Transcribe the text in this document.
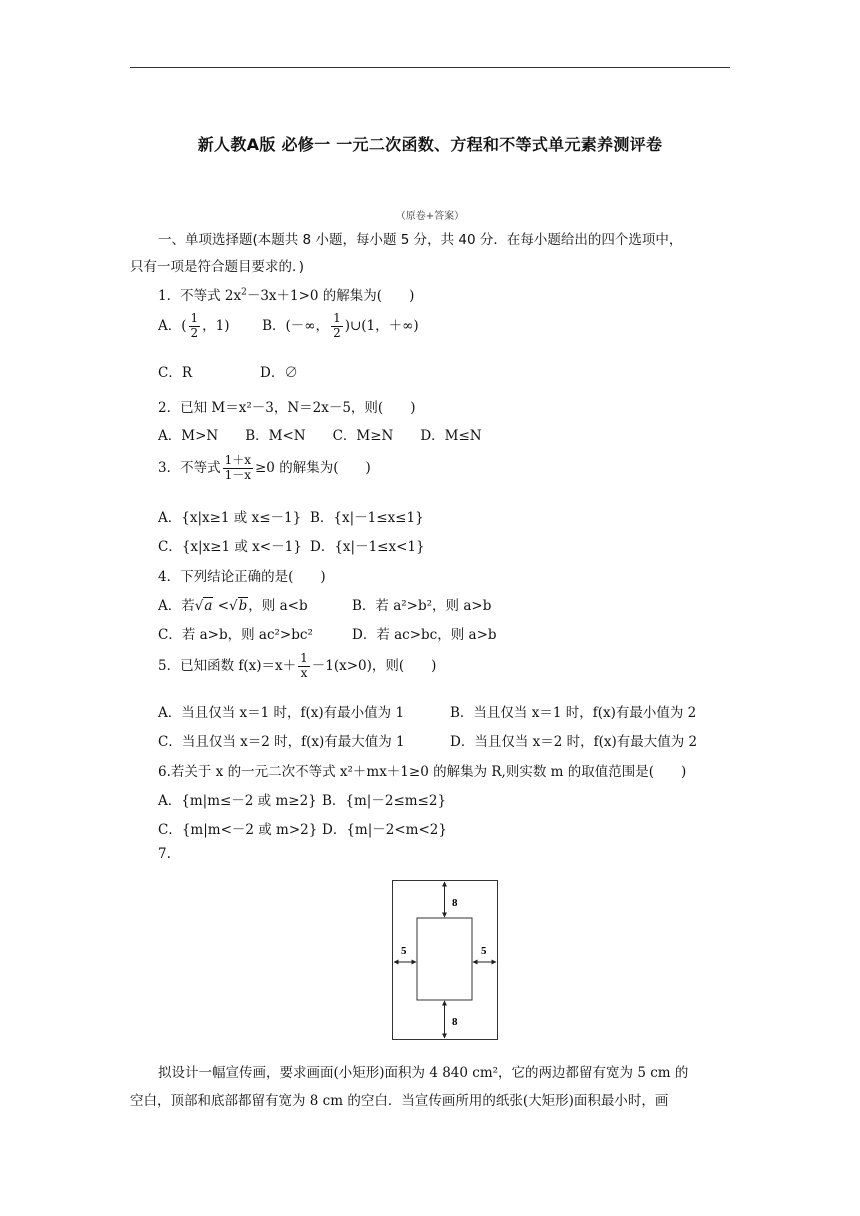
新人教A版 必修一 一元二次函数、方程和不等式单元素养测评卷
（原卷+答案）
一、单项选择题(本题共 8 小题，每小题 5 分，共 40 分．在每小题给出的四个选项中，
只有一项是符合题目要求的．)
1．不等式 $2x^2-3x+1>0$ 的解集为(　　)
A．( $\frac{1}{2}$ ，1) B．(－∞， $\frac{1}{2}$ )∪(1，＋∞)
C．R	D．∅
2．已知 M＝x²－3，N＝2x－5，则(　　)
A．M>N　　B．M<N　　C．M≥N　　D．M≤N
3．不等式 $\frac{1+x}{1-x} \ge 0$ 的解集为(　　)
A．{x|x≥1 或 x≤－1} B．{x|－1≤x≤1}
C．{x|x≥1 或 x<－1} D．{x|－1≤x<1}
4．下列结论正确的是(　　)
A．若√a <√b，则 a<b	B．若 a²>b²，则 a>b
C．若 a>b，则 ac²>bc²	D．若 ac>bc，则 a>b
5．已知函数 $f(x)=x+ \frac{1}{x} -1(x>0)$，则(　　)
A．当且仅当 x＝1 时，f(x)有最小值为 1	B．当且仅当 x＝1 时，f(x)有最小值为 2
C．当且仅当 x＝2 时，f(x)有最大值为 1	D．当且仅当 x＝2 时，f(x)有最大值为 2
6.若关于 x 的一元二次不等式 x²＋mx＋1≥0 的解集为 R,则实数 m 的取值范围是(　　)
A．{m|m≤－2 或 m≥2} B．{m|－2≤m≤2}
C．{m|m<－2 或 m>2} D．{m|－2<m<2}
7.
8
8
5	5
拟设计一幅宣传画，要求画面(小矩形)面积为 4 840 cm²，它的两边都留有宽为 5 cm 的
空白，顶部和底部都留有宽为 8 cm 的空白．当宣传画所用的纸张(大矩形)面积最小时，画
